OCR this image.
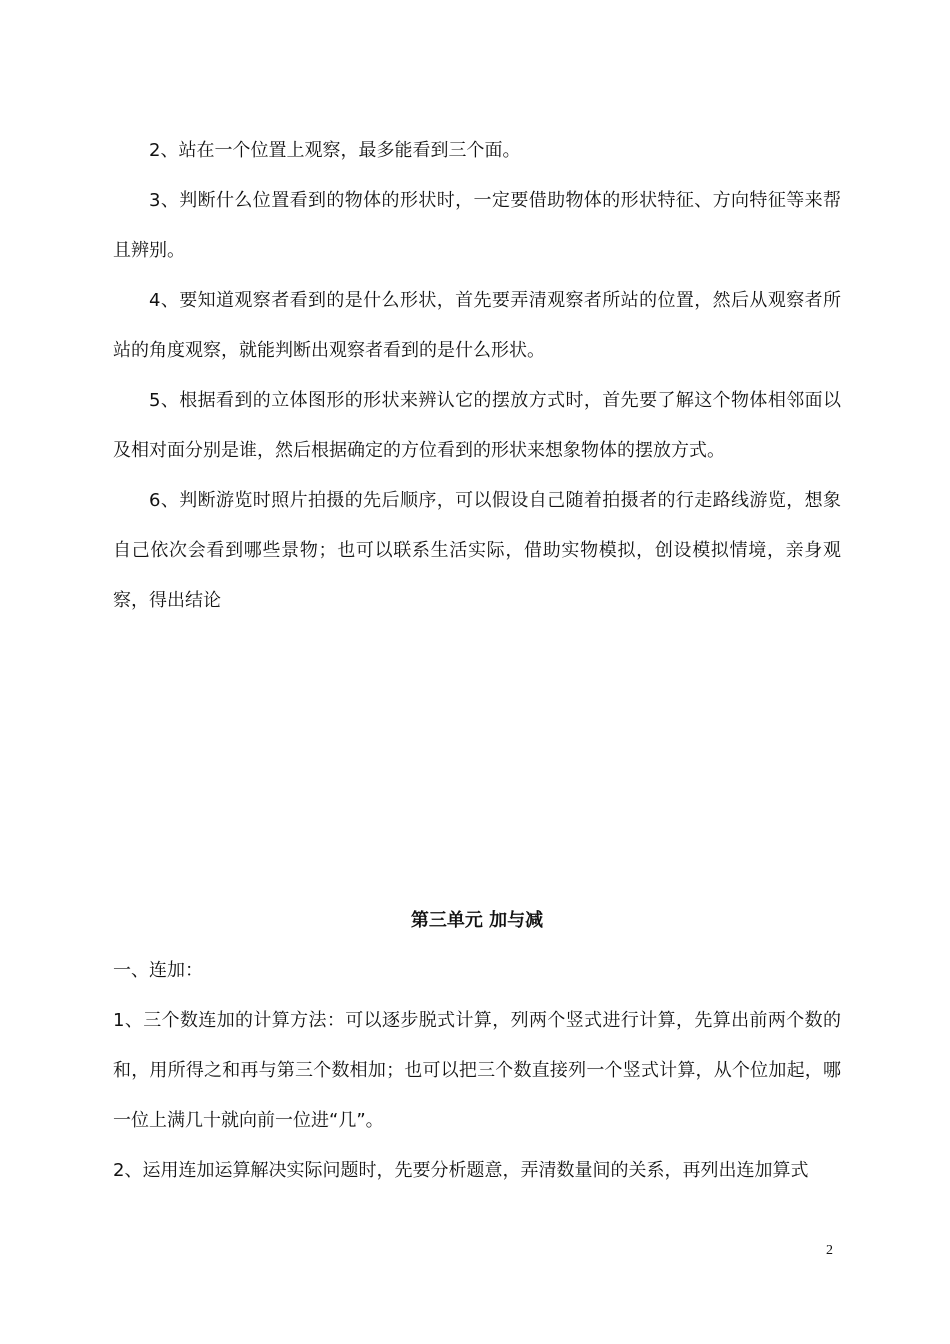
2、站在一个位置上观察，最多能看到三个面。

3、判断什么位置看到的物体的形状时，一定要借助物体的形状特征、方向特征等来帮且辨别。

4、要知道观察者看到的是什么形状，首先要弄清观察者所站的位置，然后从观察者所站的角度观察，就能判断出观察者看到的是什么形状。

5、根据看到的立体图形的形状来辨认它的摆放方式时，首先要了解这个物体相邻面以及相对面分别是谁，然后根据确定的方位看到的形状来想象物体的摆放方式。

6、判断游览时照片拍摄的先后顺序，可以假设自己随着拍摄者的行走路线游览，想象自己依次会看到哪些景物；也可以联系生活实际，借助实物模拟，创设模拟情境，亲身观察，得出结论

第三单元 加与减

一、连加：

1、三个数连加的计算方法：可以逐步脱式计算，列两个竖式进行计算，先算出前两个数的和，用所得之和再与第三个数相加；也可以把三个数直接列一个竖式计算，从个位加起，哪一位上满几十就向前一位进“几”。

2、运用连加运算解决实际问题时，先要分析题意，弄清数量间的关系，再列出连加算式

2
